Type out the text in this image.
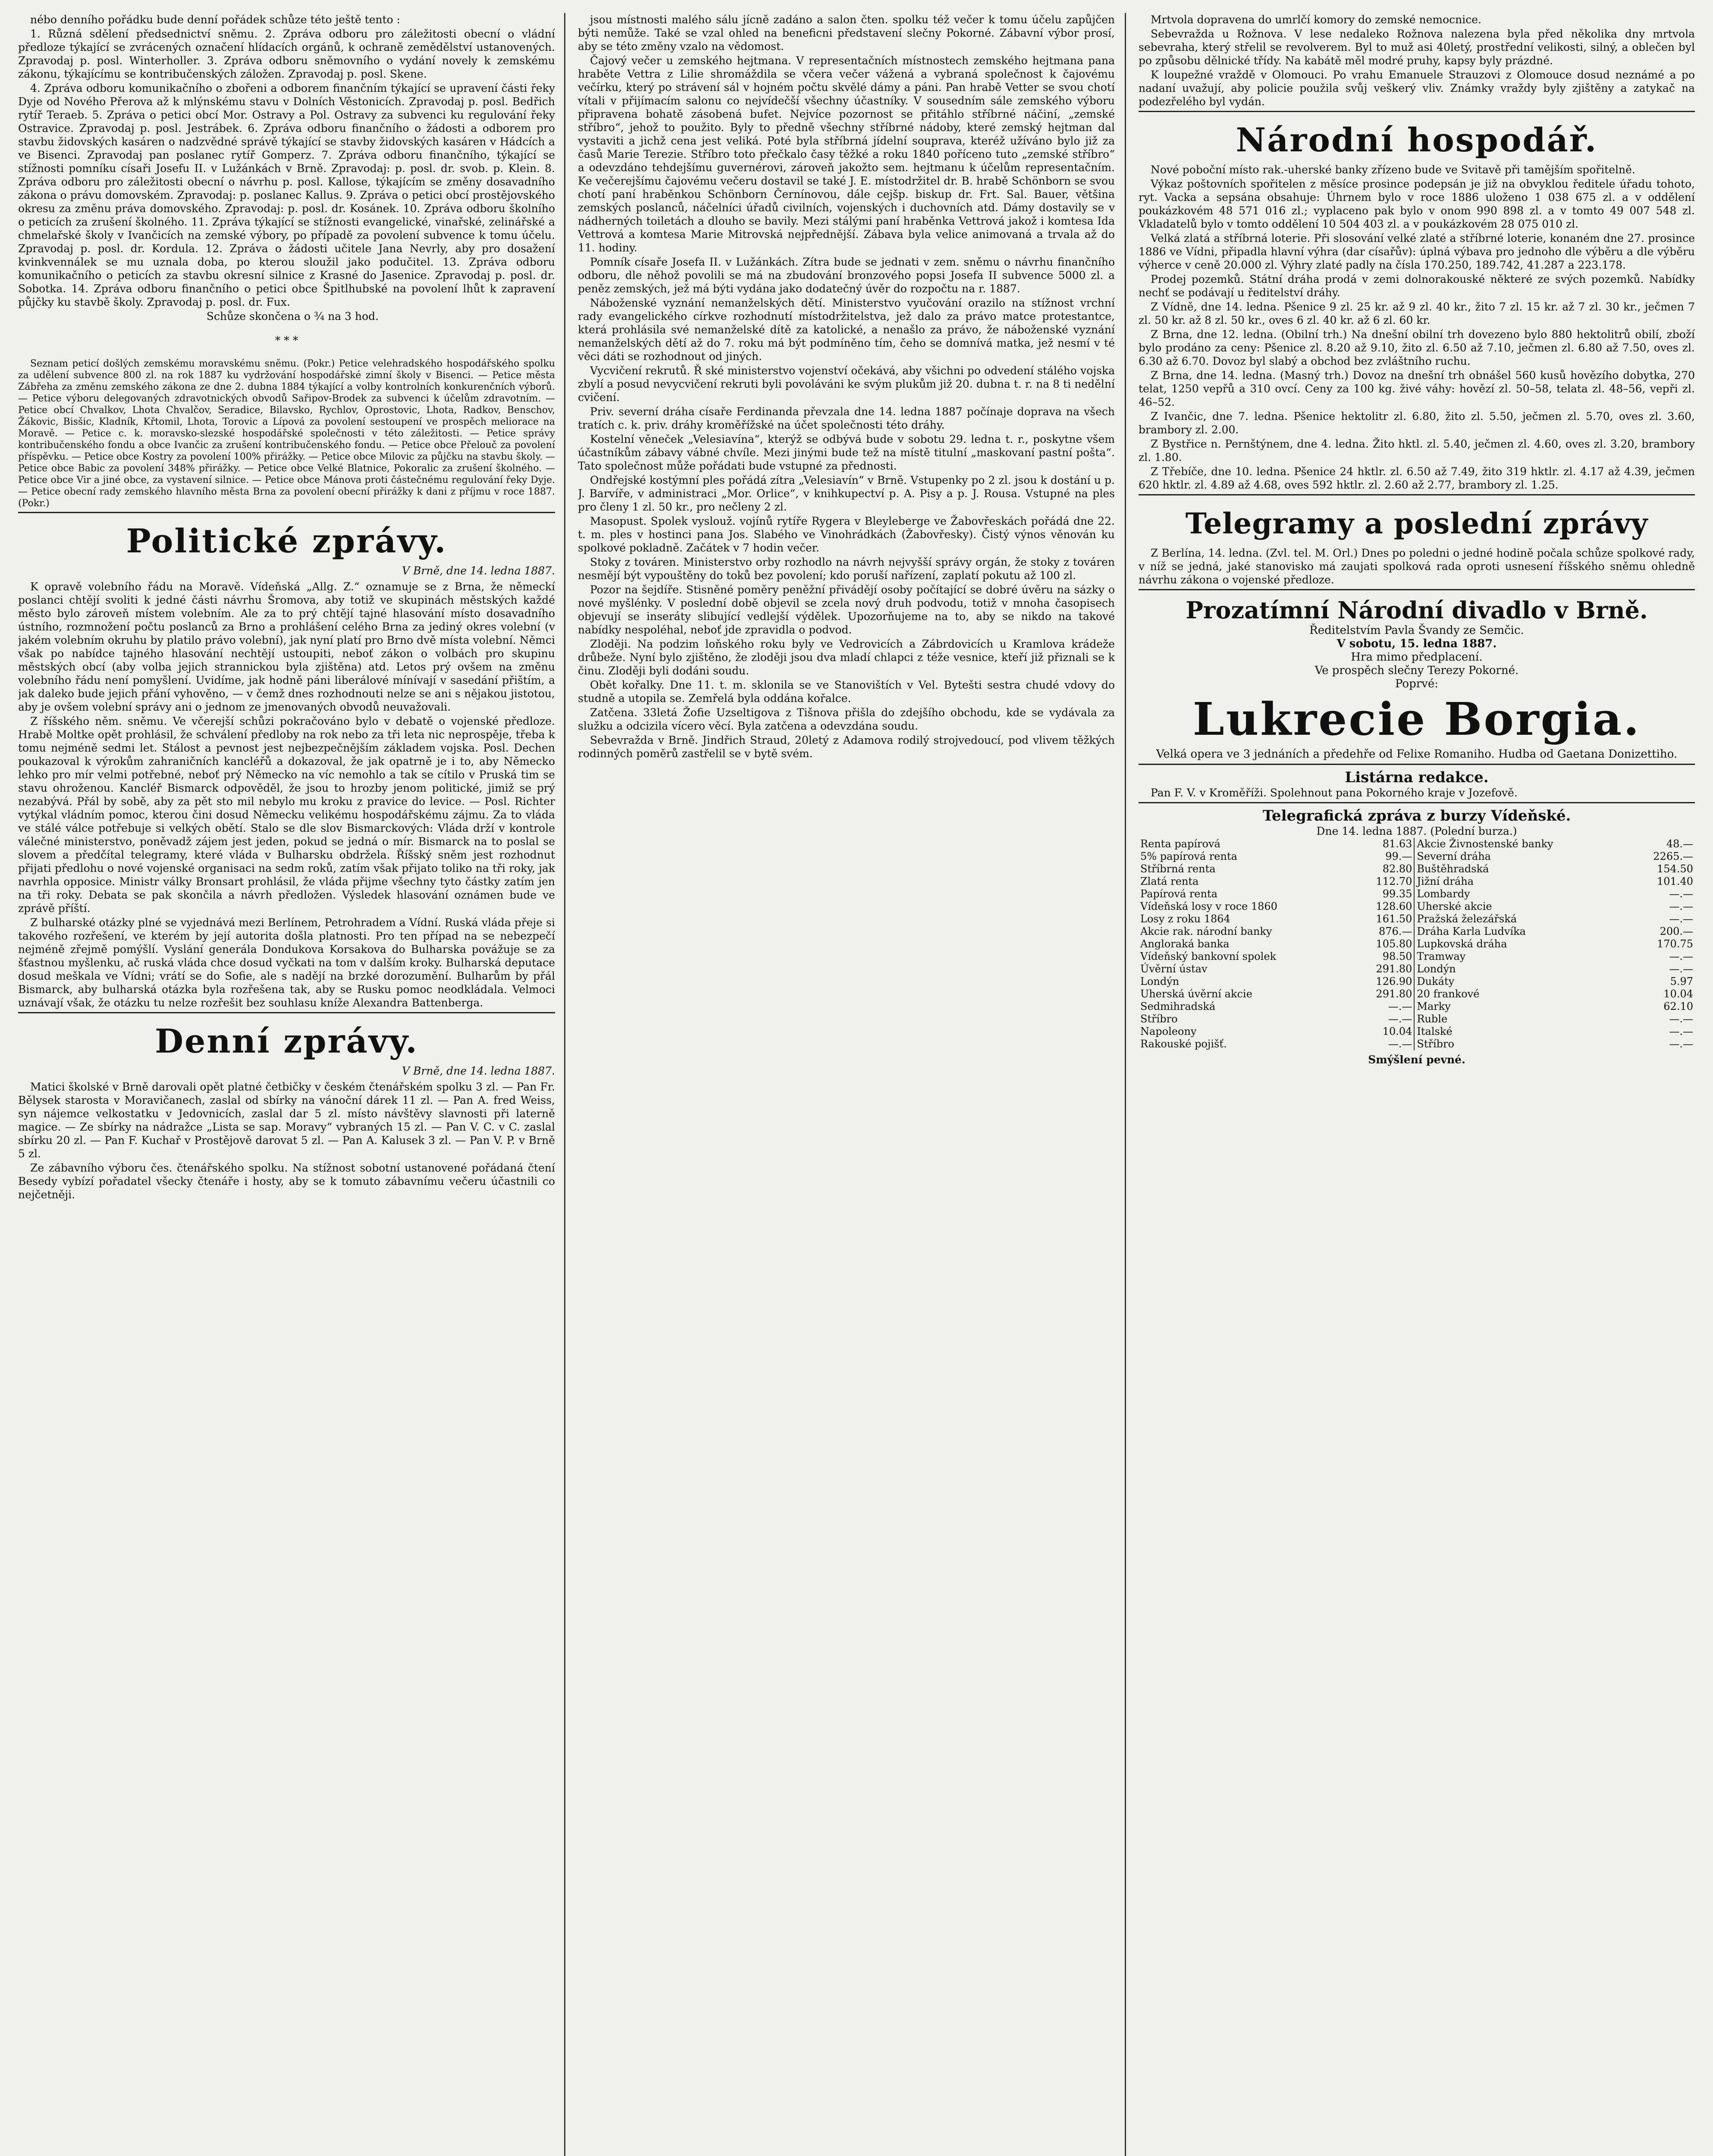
nébo denního pořádku bude denní pořádek schůze této ještě tento :

1. Různá sdělení předsednictví sněmu. 2. Zpráva odboru pro záležitosti obecní o vládní předloze týkající se zvrácených označení hlídacích orgánů, k ochraně zemědělství ustanovených. Zpravodaj p. posl. Winterholler. 3. Zpráva odboru sněmovního o vydání novely k zemskému zákonu, týkajícímu se kontribučenských záložen. Zpravodaj p. posl. Skene.

4. Zpráva odboru komunikačního o zbořeni a odborem finančním týkající se upravení části řeky Dyje od Nového Přerova až k mlýnskému stavu v Dolních Věstonicích. Zpravodaj p. posl. Bedřich rytíř Teraeb. 5. Zpráva o petici obcí Mor. Ostravy a Pol. Ostravy za subvenci ku regulování řeky Ostravice. Zpravodaj p. posl. Jestrábek. 6. Zpráva odboru finančního o žádosti a odborem pro stavbu židovských kasáren o nadzvědné správě týkající se stavby židovských kasáren v Hádcích a ve Bisenci. Zpravodaj pan poslanec rytíř Gomperz. 7. Zpráva odboru finančního, týkající se stížnosti pomníku císaři Josefu II. v Lužánkách v Brně. Zpravodaj: p. posl. dr. svob. p. Klein. 8. Zpráva odboru pro záležitosti obecní o návrhu p. posl. Kallose, týkajícím se změny dosavadního zákona o právu domovském. Zpravodaj: p. poslanec Kallus. 9. Zpráva o petici obcí prostějovského okresu za změnu práva domovského. Zpravodaj: p. posl. dr. Kosánek. 10. Zpráva odboru školního o peticích za zrušení školného. 11. Zpráva týkající se stížnosti evangelické, vinařské, zelinářské a chmelařské školy v Ivančicích na zemské výbory, po případě za povolení subvence k tomu účelu. Zpravodaj p. posl. dr. Kordula. 12. Zpráva o žádosti učitele Jana Nevrly, aby pro dosažení kvinkvennálek se mu uznala doba, po kterou sloužil jako podučitel. 13. Zpráva odboru komunikačního o peticích za stavbu okresní silnice z Krasné do Jasenice. Zpravodaj p. posl. dr. Sobotka. 14. Zpráva odboru finančního o petici obce Špitlhubské na povolení lhůt k zapravení půjčky ku stavbě školy. Zpravodaj p. posl. dr. Fux.

Schůze skončena o ¾ na 3 hod.

* * *

Seznam peticí došlých zemskému moravskému sněmu. (Pokr.) Petice velehradského hospodářského spolku za udělení subvence 800 zl. na rok 1887 ku vydržování hospodářské zimní školy v Bisenci. — Petice města Zábřeha za změnu zemského zákona ze dne 2. dubna 1884 týkající a volby kontrolních konkurenčních výborů. — Petice výboru delegovaných zdravotnických obvodů Sařipov-Brodek za subvenci k účelům zdravotním. — Petice obcí Chvalkov, Lhota Chvalčov, Seradice, Bilavsko, Rychlov, Oprostovic, Lhota, Radkov, Benschov, Žákovic, Bisšic, Kladník, Křtomil, Lhota, Torovic a Lípová za povolení sestoupení ve prospěch meliorace na Moravě. — Petice c. k. moravsko-slezské hospodářské společnosti v této záležitosti. — Petice správy kontribučenského fondu a obce Ivančic za zrušení kontribučenského fondu. — Petice obce Přelouč za povolení příspěvku. — Petice obce Kostry za povolení 100% přirážky. — Petice obce Milovic za půjčku na stavbu školy. — Petice obce Babic za povolení 348% přirážky. — Petice obce Velké Blatnice, Pokoralic za zrušení školného. — Petice obce Vir a jiné obce, za vystavení silnice. — Petice obce Mánova proti částečnému regulování řeky Dyje. — Petice obecní rady zemského hlavního města Brna za povolení obecní přirážky k dani z příjmu v roce 1887. (Pokr.)

Politické zprávy.
V Brně, dne 14. ledna 1887.

K opravě volebního řádu na Moravě. Vídeňská „Allg. Z.“ oznamuje se z Brna, že německí poslanci chtějí svoliti k jedné části návrhu Šromova, aby totiž ve skupinách městských každé město bylo zároveň místem volebním. Ale za to prý chtějí tajné hlasování místo dosavadního ústního, rozmnožení počtu poslanců za Brno a prohlášení celého Brna za jediný okres volební (v jakém volebním okruhu by platilo právo volební), jak nyní platí pro Brno dvě místa volební. Němci však po nabídce tajného hlasování nechtějí ustoupiti, neboť zákon o volbách pro skupinu městských obcí (aby volba jejich strannickou byla zjištěna) atd. Letos prý ovšem na změnu volebního řádu není pomyšlení. Uvidíme, jak hodně páni liberálové mínívají v sasedání přištím, a jak daleko bude jejich přání vyhověno, — v čemž dnes rozhodnouti nelze se ani s nějakou jistotou, aby je ovšem volební správy ani o jednom ze jmenovaných obvodů neuvažovali.

Z říšského něm. sněmu. Ve včerejší schůzi pokračováno bylo v debatě o vojenské předloze. Hrabě Moltke opět prohlásil, že schválení předloby na rok nebo za tři leta nic neprospěje, třeba k tomu nejméně sedmi let. Stálost a pevnost jest nejbezpečnějším základem vojska. Posl. Dechen poukazoval k výrokům zahraničních kancléřů a dokazoval, že jak opatrně je i to, aby Německo lehko pro mír velmi potřebné, neboť prý Německo na víc nemohlo a tak se cítilo v Pruská tim se stavu ohroženou. Kancléř Bismarck odpověděl, že jsou to hrozby jenom politické, jimiž se prý nezabývá. Přál by sobě, aby za pět sto mil nebylo mu kroku z pravice do levice. — Posl. Richter vytýkal vládním pomoc, kterou čini dosud Německu velikému hospodářskému zájmu. Za to vláda ve stálé válce potřebuje si velkých obětí. Stalo se dle slov Bismarckových: Vláda drží v kontrole válečné ministerstvo, poněvadž zájem jest jeden, pokud se jedná o mír. Bismarck na to poslal se slovem a předčítal telegramy, které vláda v Bulharsku obdržela. Říšský sněm jest rozhodnut přijati předlohu o nové vojenské organisaci na sedm roků, zatím však přijato toliko na tři roky, jak navrhla opposice. Ministr války Bronsart prohlásil, že vláda přijme všechny tyto částky zatím jen na tři roky. Debata se pak skončila a návrh předložen. Výsledek hlasování oznámen bude ve zprávě příští.

Z bulharské otázky plné se vyjednává mezi Berlínem, Petrohradem a Vídní. Ruská vláda přeje si takového rozřešení, ve kterém by její autorita došla platnosti. Pro ten případ na se nebezpečí nejméně zřejmě pomýšlí. Vyslání generála Dondukova Korsakova do Bulharska povážuje se za šťastnou myšlenku, ač ruská vláda chce dosud vyčkati na tom v dalším kroky. Bulharská deputace dosud meškala ve Vídni; vrátí se do Sofie, ale s nadějí na brzké dorozumění. Bulharům by přál Bismarck, aby bulharská otázka byla rozřešena tak, aby se Rusku pomoc neodkládala. Velmoci uznávají však, že otázku tu nelze rozřešit bez souhlasu kníže Alexandra Battenberga.

Denní zprávy.
V Brně, dne 14. ledna 1887.

Matici školské v Brně darovali opět platné četbičky v českém čtenářském spolku 3 zl. — Pan Fr. Bělysek starosta v Moravičanech, zaslal od sbírky na vánoční dárek 11 zl. — Pan A. fred Weiss, syn nájemce velkostatku v Jedovnicích, zaslal dar 5 zl. místo návštěvy slavnosti při laterně magice. — Ze sbírky na nádražce „Lista se sap. Moravy“ vybraných 15 zl. — Pan V. C. v C. zaslal sbírku 20 zl. — Pan F. Kuchař v Prostějově darovat 5 zl. — Pan A. Kalusek 3 zl. — Pan V. P. v Brně 5 zl.

Ze zábavního výboru čes. čtenářského spolku. Na stížnost sobotní ustanovené pořádaná čtení Besedy vybízí pořadatel všecky čtenáře i hosty, aby se k tomuto zábavnímu večeru účastnili co nejčetněji.

jsou místnosti malého sálu jícně zadáno a salon čten. spolku též večer k tomu účelu zapůjčen býti nemůže. Také se vzal ohled na beneficni představení slečny Pokorné. Zábavní výbor prosí, aby se této změny vzalo na vědomost.

Čajový večer u zemského hejtmana. V representačních místnostech zemského hejtmana pana hraběte Vettra z Lilie shromáždila se včera večer vážená a vybraná společnost k čajovému večírku, který po strávení sál v hojném počtu skvělé dámy a páni. Pan hrabě Vetter se svou chotí vítali v přijímacím salonu co nejvídečší všechny účastníky. V sousedním sále zemského výboru připravena bohatě zásobená bufet. Nejvíce pozornost se přitáhlo stříbrné náčiní, „zemské stříbro“, jehož to použito. Byly to předně všechny stříbrné nádoby, které zemský hejtman dal vystaviti a jichž cena jest veliká. Poté byla stříbrná jídelní souprava, kteréž užíváno bylo již za časů Marie Terezie. Stříbro toto přečkalo časy těžké a roku 1840 poříceno tuto „zemské stříbro“ a odevzdáno tehdejšímu guvernérovi, zároveň jakožto sem. hejtmanu k účelům representačním. Ke večerejšímu čajovému večeru dostavil se také J. E. místodržitel dr. B. hrabě Schönborn se svou chotí paní hraběnkou Schönborn Černínovou, dále cejšp. biskup dr. Frt. Sal. Bauer, většina zemských poslanců, náčelníci úřadů civilních, vojenských i duchovních atd. Dámy dostavily se v nádherných toiletách a dlouho se bavily. Mezi stálými paní hraběnka Vettrová jakož i komtesa Ida Vettrová a komtesa Marie Mitrovská nejpřednější. Zábava byla velice animovaná a trvala až do 11. hodiny.

Pomník císaře Josefa II. v Lužánkách. Zítra bude se jednati v zem. sněmu o návrhu finančního odboru, dle něhož povolili se má na zbudování bronzového popsi Josefa II subvence 5000 zl. a peněz zemských, jež má býti vydána jako dodatečný úvěr do rozpočtu na r. 1887.

Náboženské vyznání nemanželských dětí. Ministerstvo vyučování orazilo na stížnost vrchní rady evangelického církve rozhodnutí místodržitelstva, jež dalo za právo matce protestantce, která prohlásila své nemanželské dítě za katolické, a nenašlo za právo, že náboženské vyznání nemanželských dětí až do 7. roku má být podmíněno tím, čeho se domnívá matka, jež nesmí v té věci dáti se rozhodnout od jiných.

Vycvičení rekrutů. Ř ské ministerstvo vojenství očekává, aby všichni po odvedení stálého vojska zbylí a posud nevycvičení rekruti byli povoláváni ke svým plukům již 20. dubna t. r. na 8 ti nedělní cvičení.

Priv. severní dráha císaře Ferdinanda převzala dne 14. ledna 1887 počínaje doprava na všech tratích c. k. priv. dráhy kroměřížské na účet společnosti této dráhy.

Kostelní věneček „Velesiavína“, kterýž se odbývá bude v sobotu 29. ledna t. r., poskytne všem účastníkům zábavy vábné chvíle. Mezi jinými bude tež na místě titulní „maskovaní pastní pošta“. Tato společnost může pořádati bude vstupné za přednosti.

Ondřejské kostýmní ples pořádá zítra „Velesiavín“ v Brně. Vstupenky po 2 zl. jsou k dostání u p. J. Barvíře, v administraci „Mor. Orlice“, v knihkupectví p. A. Pisy a p. J. Rousa. Vstupné na ples pro členy 1 zl. 50 kr., pro nečleny 2 zl.

Masopust. Spolek vyslouž. vojínů rytíře Rygera v Bleyleberge ve Žabovřeskách pořádá dne 22. t. m. ples v hostinci pana Jos. Slabého ve Vinohrádkách (Žabovřesky). Čistý výnos věnován ku spolkové pokladně. Začátek v 7 hodin večer.

Stoky z továren. Ministerstvo orby rozhodlo na návrh nejvyšší správy orgán, že stoky z továren nesmějí být vypouštěny do toků bez povolení; kdo poruší nařízení, zaplatí pokutu až 100 zl.

Pozor na šejdíře. Stisněné poměry peněžní přivádějí osoby počítající se dobré úvěru na sázky o nové myšlénky. V poslední době objevil se zcela nový druh podvodu, totiž v mnoha časopisech objevují se inseráty slibující vedlejší výdělek. Upozorňujeme na to, aby se nikdo na takové nabídky nespoléhal, neboť jde zpravidla o podvod.

Zloději. Na podzim loňského roku byly ve Vedrovicích a Zábrdovicích u Kramlova krádeže drůbeže. Nyní bylo zjištěno, že zloději jsou dva mladí chlapci z téže vesnice, kteří již přiznali se k činu. Zloději byli dodáni soudu.

Obět kořalky. Dne 11. t. m. sklonila se ve Stanovištích v Vel. Bytešti sestra chudé vdovy do studně a utopila se. Zemřelá byla oddána kořalce.

Zatčena. 33letá Žofie Uzseltigova z Tišnova přišla do zdejšího obchodu, kde se vydávala za služku a odcizila vícero věcí. Byla zatčena a odevzdána soudu.

Sebevražda v Brně. Jindřich Straud, 20letý z Adamova rodilý strojvedoucí, pod vlivem těžkých rodinných poměrů zastřelil se v bytě svém.

Mrtvola dopravena do umrlčí komory do zemské nemocnice.

Sebevražda u Rožnova. V lese nedaleko Rožnova nalezena byla před několika dny mrtvola sebevraha, který střelil se revolverem. Byl to muž asi 40letý, prostřední velikosti, silný, a oblečen byl po způsobu dělnické třídy. Na kabátě měl modré pruhy, kapsy byly prázdné.

K loupežné vraždě v Olomouci. Po vrahu Emanuele Strauzovi z Olomouce dosud neznámé a po nadaní uvažují, aby policie použila svůj veškerý vliv. Známky vraždy byly zjištěny a zatykač na podezřelého byl vydán.

Národní hospodář.

Nové poboční místo rak.-uherské banky zřízeno bude ve Svitavě při tamějším spořitelně.

Výkaz poštovních spořitelen z měsíce prosince podepsán je již na obvyklou ředitele úřadu tohoto, ryt. Vacka a sepsána obsahuje: Úhrnem bylo v roce 1886 uloženo 1 038 675 zl. a v oddělení poukázkovém 48 571 016 zl.; vyplaceno pak bylo v onom 990 898 zl. a v tomto 49 007 548 zl. Vkladatelů bylo v tomto oddělení 10 504 403 zl. a v poukázkovém 28 075 010 zl.

Velká zlatá a stříbrná loterie. Při slosování velké zlaté a stříbrné loterie, konaném dne 27. prosince 1886 ve Vídni, připadla hlavní výhra (dar císařův): úplná výbava pro jednoho dle výběru a dle výběru výherce v ceně 20.000 zl. Výhry zlaté padly na čísla 170.250, 189.742, 41.287 a 223.178.

Prodej pozemků. Státní dráha prodá v zemi dolnorakouské některé ze svých pozemků. Nabídky nechť se podávají u ředitelství dráhy.

Z Vídně, dne 14. ledna. Pšenice 9 zl. 25 kr. až 9 zl. 40 kr., žito 7 zl. 15 kr. až 7 zl. 30 kr., ječmen 7 zl. 50 kr. až 8 zl. 50 kr., oves 6 zl. 40 kr. až 6 zl. 60 kr.

Z Brna, dne 12. ledna. (Obilní trh.) Na dnešní obilní trh dovezeno bylo 880 hektolitrů obilí, zboží bylo prodáno za ceny: Pšenice zl. 8.20 až 9.10, žito zl. 6.50 až 7.10, ječmen zl. 6.80 až 7.50, oves zl. 6.30 až 6.70. Dovoz byl slabý a obchod bez zvláštního ruchu.

Z Brna, dne 14. ledna. (Masný trh.) Dovoz na dnešní trh obnášel 560 kusů hovězího dobytka, 270 telat, 1250 vepřů a 310 ovcí. Ceny za 100 kg. živé váhy: hovězí zl. 50–58, telata zl. 48–56, vepři zl. 46–52.

Z Ivančic, dne 7. ledna. Pšenice hektolitr zl. 6.80, žito zl. 5.50, ječmen zl. 5.70, oves zl. 3.60, brambory zl. 2.00.

Z Bystřice n. Pernštýnem, dne 4. ledna. Žito hktl. zl. 5.40, ječmen zl. 4.60, oves zl. 3.20, brambory zl. 1.80.

Z Třebíče, dne 10. ledna. Pšenice 24 hktlr. zl. 6.50 až 7.49, žito 319 hktlr. zl. 4.17 až 4.39, ječmen 620 hktlr. zl. 4.89 až 4.68, oves 592 hktlr. zl. 2.60 až 2.77, brambory zl. 1.25.

Telegramy a poslední zprávy

Z Berlína, 14. ledna. (Zvl. tel. M. Orl.) Dnes po poledni o jedné hodině počala schůze spolkové rady, v níž se jedná, jaké stanovisko má zaujati spolková rada oproti usnesení říšského sněmu ohledně návrhu zákona o vojenské předloze.

Prozatímní Národní divadlo v Brně.
Ředitelstvím Pavla Švandy ze Semčic.
V sobotu, 15. ledna 1887.
Hra mimo předplacení.
Ve prospěch slečny Terezy Pokorné.
Poprvé:
Lukrecie Borgia.
Velká opera ve 3 jednáních a předehře od Felixe Romaniho. Hudba od Gaetana Donizettiho.
Listárna redakce.

Pan F. V. v Kroměříži. Spolehnout pana Pokorného kraje v Jozefově.

Telegrafická zpráva z burzy Vídeňské.
Dne 14. ledna 1887. (Polední burza.)
Renta papírová	81.63		Akcie Živnostenské banky	48.—
5% papírová renta	99.—		Severní dráha	2265.—
Stříbrná renta	82.80		Buštěhradská	154.50
Zlatá renta	112.70		Jižní dráha	101.40
Papírová renta	99.35		Lombardy	—.—
Vídeňská losy v roce 1860	128.60		Uherské akcie	—.—
Losy z roku 1864	161.50		Pražská železářská	—.—
Akcie rak. národní banky	876.—		Dráha Karla Ludvíka	200.—
Angloraká banka	105.80		Lupkovská dráha	170.75
Vídeňský bankovní spolek	98.50		Tramway	—.—
Úvěrní ústav	291.80		Londýn	—.—
Londýn	126.90		Dukáty	5.97
Uherská úvěrní akcie	291.80		20 frankové	10.04
Sedmihradská	—.—		Marky	62.10
Stříbro	—.—		Ruble	—.—
Napoleony	10.04		Italské	—.—
Rakouské pojišť.	—.—		Stříbro	—.—
Smýšlení pevné.
